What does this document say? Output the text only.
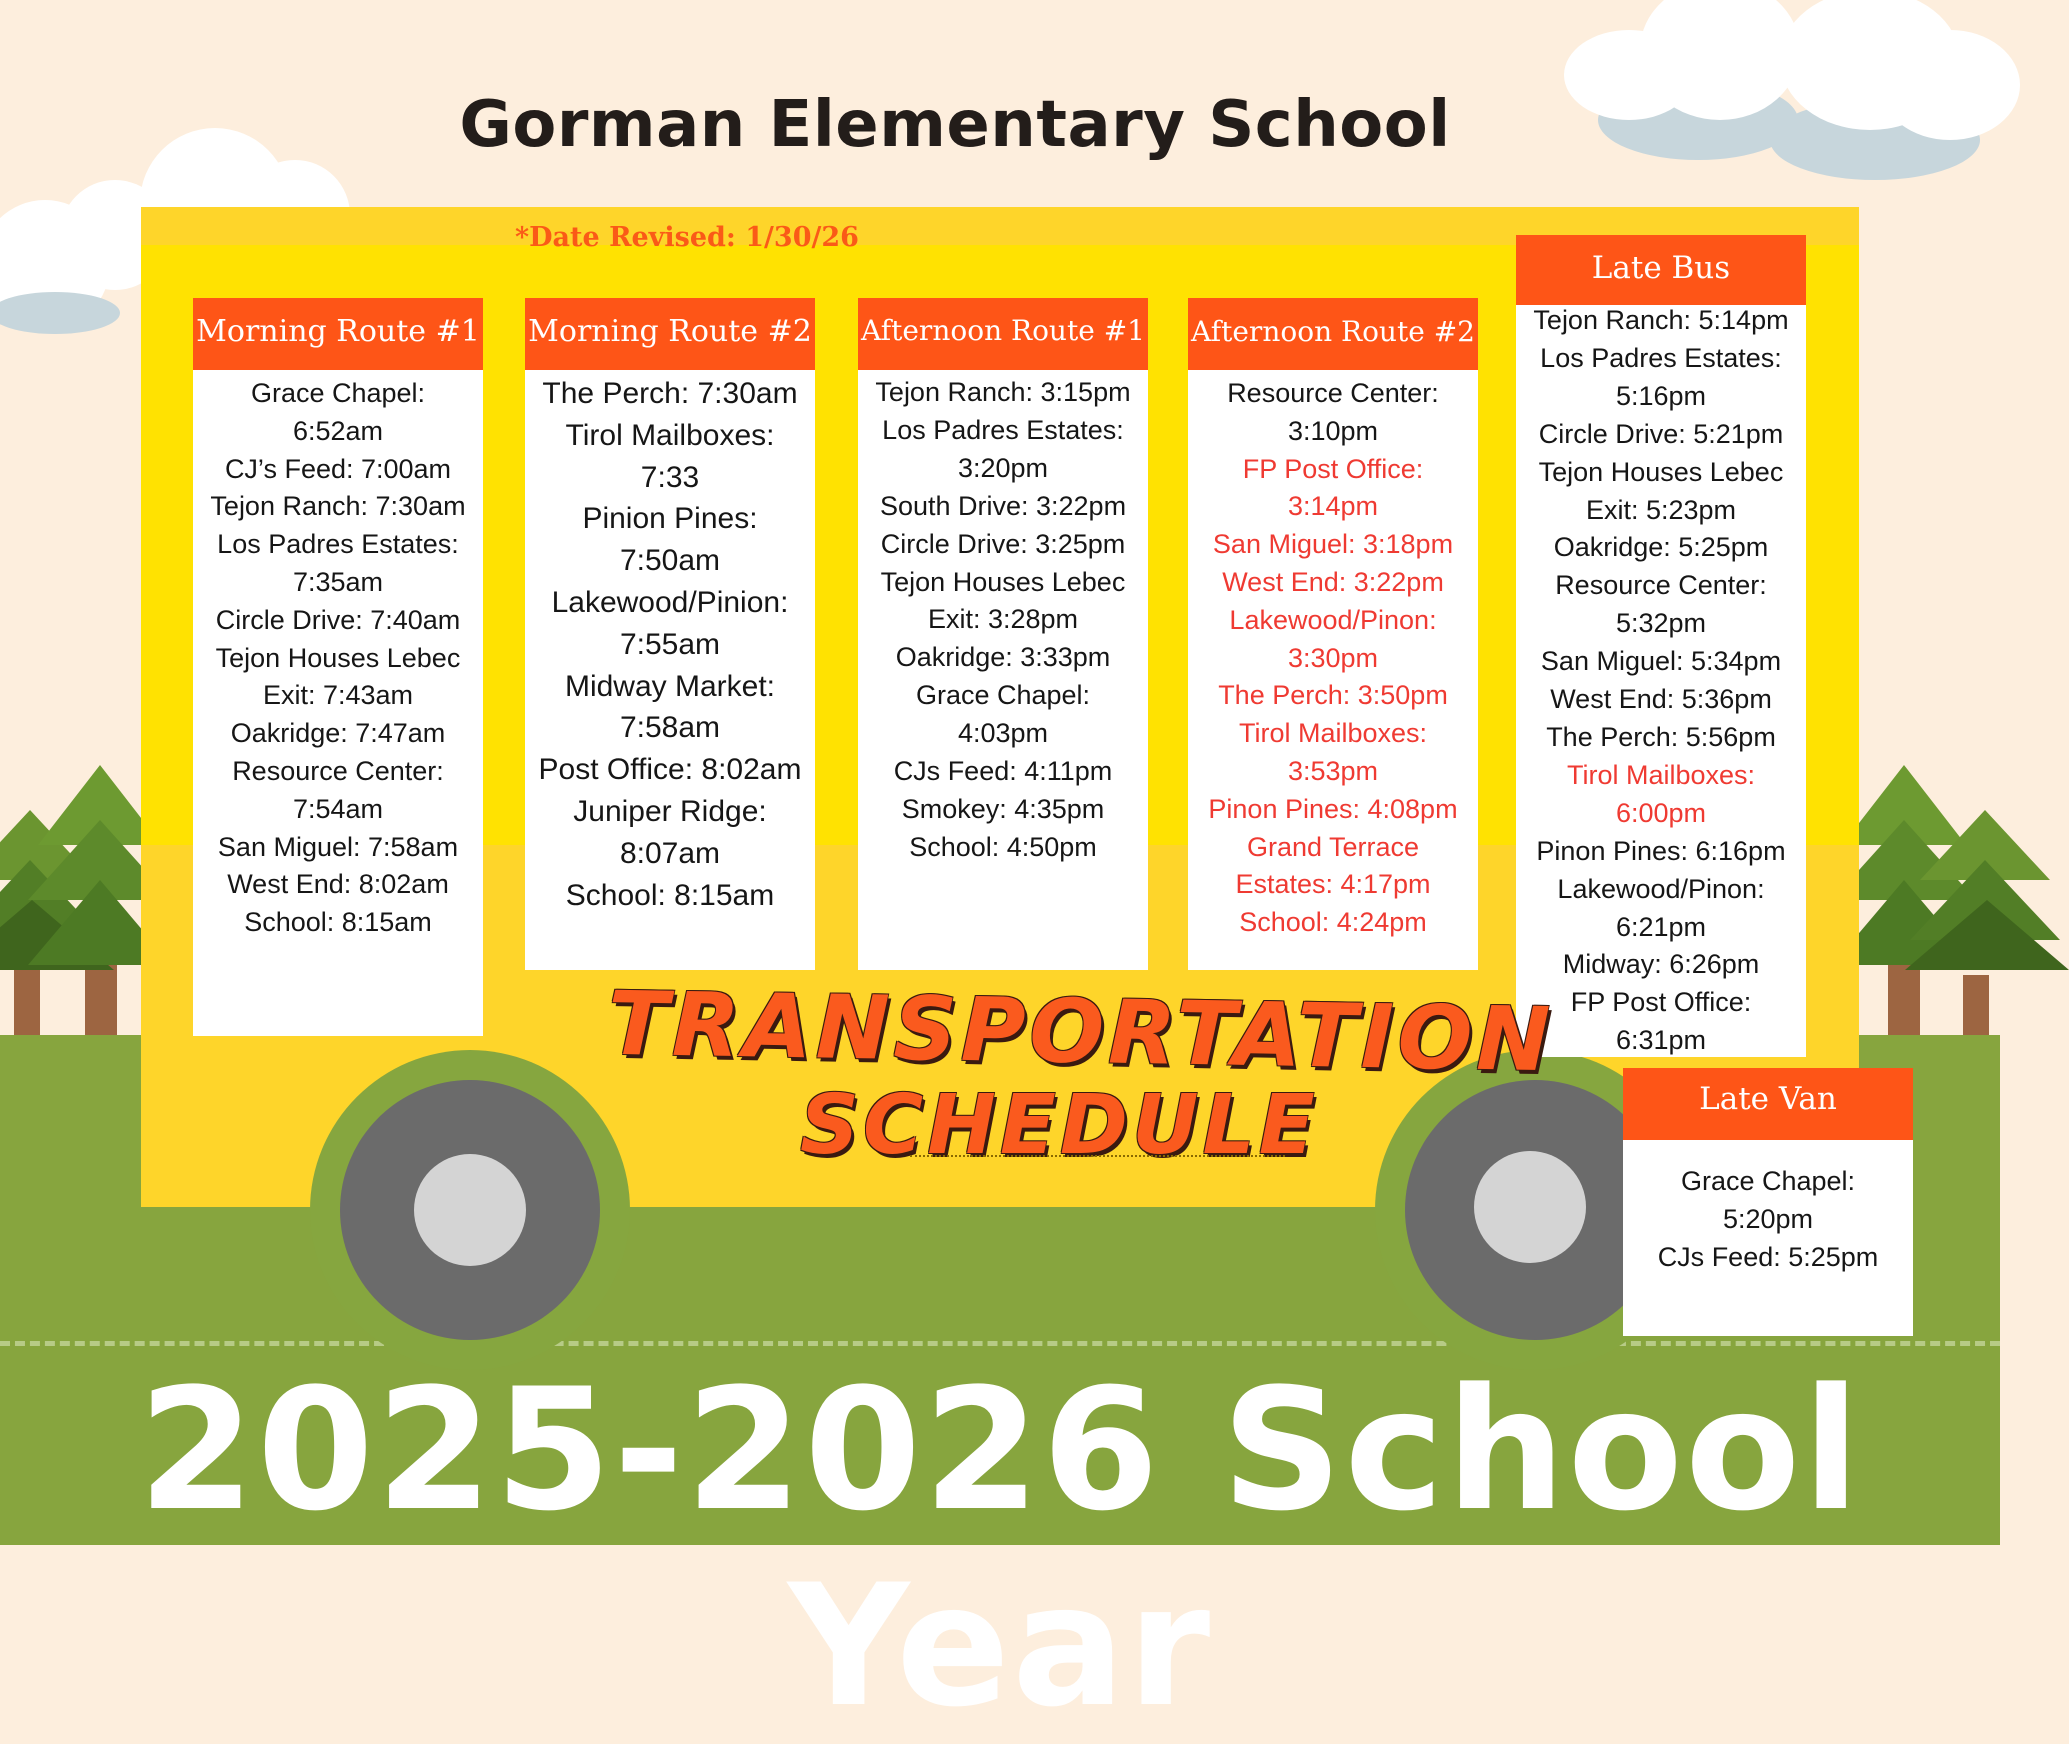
Gorman Elementary School
*Date Revised: 1/30/26
Morning Route #1
Grace Chapel:
6:52am
CJ’s Feed: 7:00am
Tejon Ranch: 7:30am
Los Padres Estates:
7:35am
Circle Drive: 7:40am
Tejon Houses Lebec
Exit: 7:43am
Oakridge: 7:47am
Resource Center:
7:54am
San Miguel: 7:58am
West End: 8:02am
School: 8:15am
Morning Route #2
The Perch: 7:30am
Tirol Mailboxes:
7:33
Pinion Pines:
7:50am
Lakewood/Pinion:
7:55am
Midway Market:
7:58am
Post Office: 8:02am
Juniper Ridge:
8:07am
School: 8:15am
Afternoon Route #1
Tejon Ranch: 3:15pm
Los Padres Estates:
3:20pm
South Drive: 3:22pm
Circle Drive: 3:25pm
Tejon Houses Lebec
Exit: 3:28pm
Oakridge: 3:33pm
Grace Chapel:
4:03pm
CJs Feed: 4:11pm
Smokey: 4:35pm
School: 4:50pm
Afternoon Route #2
Resource Center:
3:10pm
FP Post Office:
3:14pm
San Miguel: 3:18pm
West End: 3:22pm
Lakewood/Pinon:
3:30pm
The Perch: 3:50pm
Tirol Mailboxes:
3:53pm
Pinon Pines: 4:08pm
Grand Terrace
Estates: 4:17pm
School: 4:24pm
Late Bus
Tejon Ranch: 5:14pm
Los Padres Estates:
5:16pm
Circle Drive: 5:21pm
Tejon Houses Lebec
Exit: 5:23pm
Oakridge: 5:25pm
Resource Center:
5:32pm
San Miguel: 5:34pm
West End: 5:36pm
The Perch: 5:56pm
Tirol Mailboxes:
6:00pm
Pinon Pines: 6:16pm
Lakewood/Pinon:
6:21pm
Midway: 6:26pm
FP Post Office:
6:31pm
Late Van
Grace Chapel:
5:20pm
CJs Feed: 5:25pm
TRANSPORTATION
SCHEDULE
2025-2026 School Year
